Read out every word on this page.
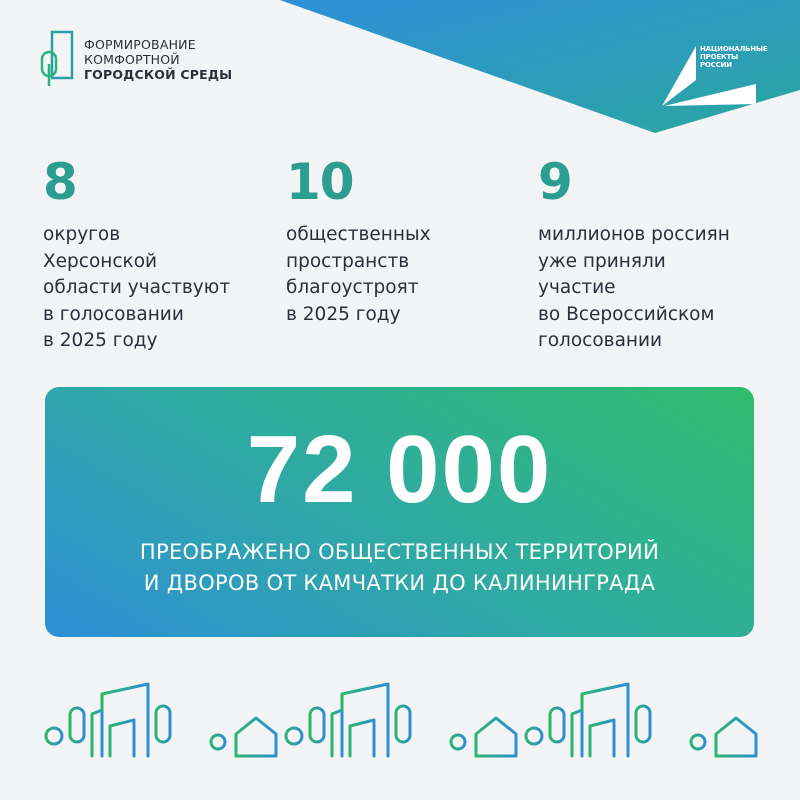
НАЦИОНАЛЬНЫЕ
ПРОЕКТЫ
РОССИИ
ФОРМИРОВАНИЕ
КОМФОРТНОЙ
ГОРОДСКОЙ СРЕДЫ
8
округов
Херсонской
области участвуют
в голосовании
в 2025 году
10
общественных
пространств
благоустроят
в 2025 году
9
миллионов россиян
уже приняли
участие
во Всероссийском
голосовании
72 000
ПРЕОБРАЖЕНО ОБЩЕСТВЕННЫХ ТЕРРИТОРИЙ
И ДВОРОВ ОТ КАМЧАТКИ ДО КАЛИНИНГРАДА
